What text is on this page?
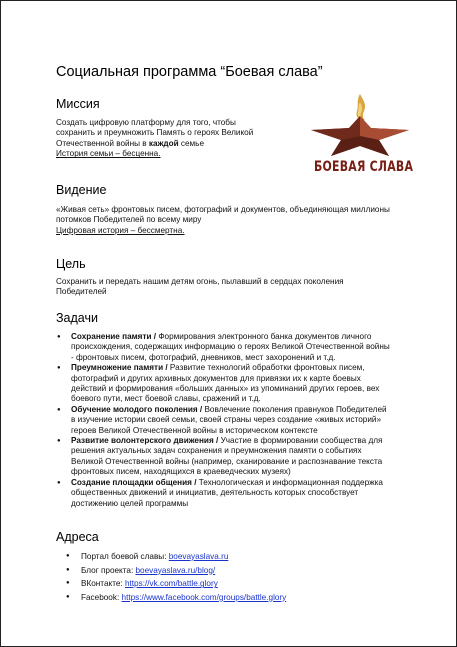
Социальная программа “Боевая слава”
Миссия
Создать цифровую платформу для того, чтобы
сохранить и преумножить Память о героях Великой
Отечественной войны в каждой семье
История семьи – бесценна.
БОЕВАЯ СЛАВА
Видение
«Живая сеть» фронтовых писем, фотографий и документов, объединяющая миллионы потомков Победителей по всему миру
Цифровая история – бессмертна.
Цель
Сохранить и передать нашим детям огонь, пылавший в сердцах поколения Победителей
Задачи
● Сохранение памяти / Формирования электронного банка документов личного происхождения, содержащих информацию о героях Великой Отечественной войны - фронтовых писем, фотографий, дневников, мест захоронений и т.д.
● Преумножение памяти / Развитие технологий обработки фронтовых писем, фотографий и других архивных документов для привязки их к карте боевых действий и формирования «больших данных» из упоминаний других героев, вех боевого пути, мест боевой славы, сражений и т.д.
● Обучение молодого поколения / Вовлечение поколения правнуков Победителей в изучение истории своей семьи, своей страны через создание «живых историй» героев Великой Отечественной войны в историческом контексте
● Развитие волонтерского движения / Участие в формировании сообщества для решения актуальных задач сохранения и преумножения памяти о событиях Великой Отечественной войны (например, сканирование и распознавание текста фронтовых писем, находящихся в краеведческих музеях)
● Создание площадки общения / Технологическая и информационная поддержка общественных движений и инициатив, деятельность которых способствует достижению целей программы
Адреса
● Портал боевой славы: boevayaslava.ru
● Блог проекта: boevayaslava.ru/blog/
● ВКонтакте: https://vk.com/battle.glory
● Facebook: https://www.facebook.com/groups/battle.glory
